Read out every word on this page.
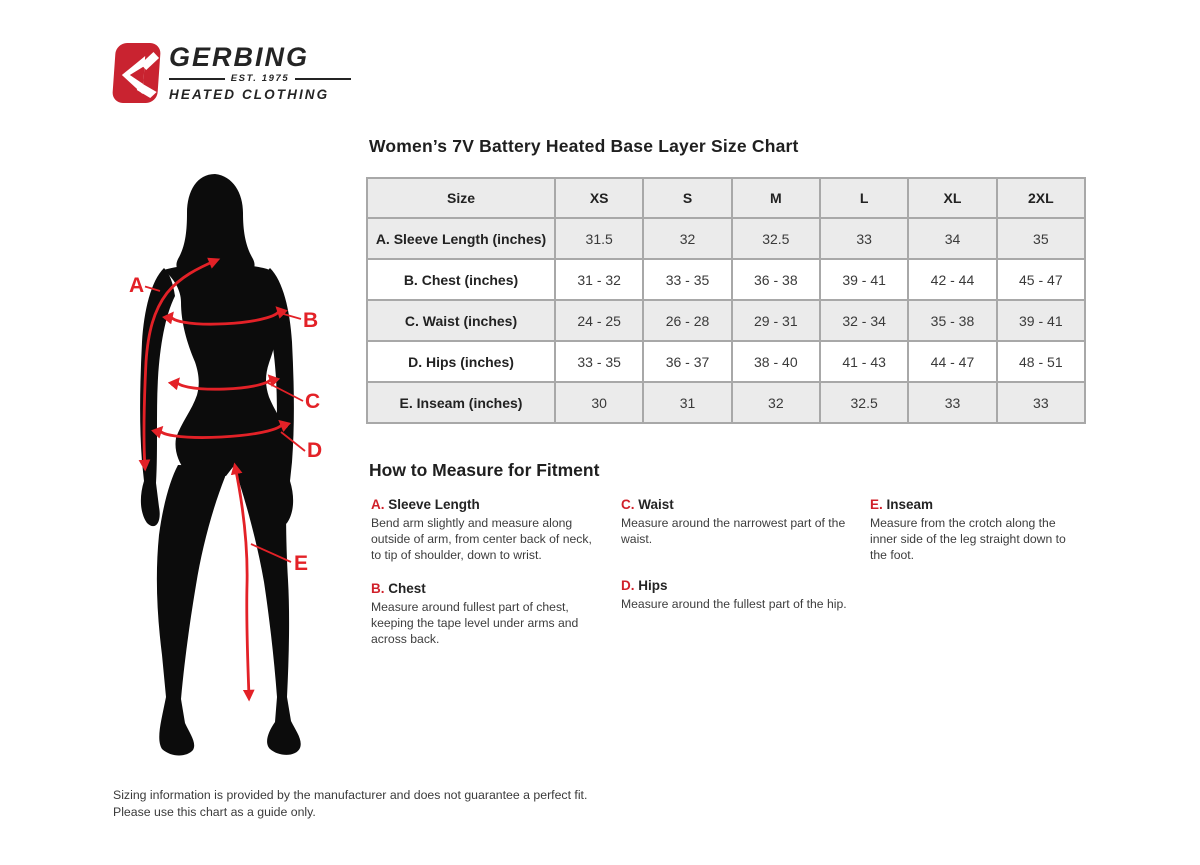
GERBING
EST. 1975
HEATED CLOTHING
A
B
C
D
E
Women’s 7V Battery Heated Base Layer Size Chart
Size	XS	S	M	L	XL	2XL
A. Sleeve Length (inches)	31.5	32	32.5	33	34	35
B. Chest (inches)	31 - 32	33 - 35	36 - 38	39 - 41	42 - 44	45 - 47
C. Waist (inches)	24 - 25	26 - 28	29 - 31	32 - 34	35 - 38	39 - 41
D. Hips (inches)	33 - 35	36 - 37	38 - 40	41 - 43	44 - 47	48 - 51
E. Inseam (inches)	30	31	32	32.5	33	33
How to Measure for Fitment
A. Sleeve Length

Bend arm slightly and measure along outside of arm, from center back of neck, to tip of shoulder, down to wrist.

B. Chest

Measure around fullest part of chest, keeping the tape level under arms and across back.

C. Waist

Measure around the narrowest part of the waist.

D. Hips

Measure around the fullest part of the hip.

E. Inseam

Measure from the crotch along the inner side of the leg straight down to the foot.

Sizing information is provided by the manufacturer and does not guarantee a perfect fit.
Please use this chart as a guide only.
